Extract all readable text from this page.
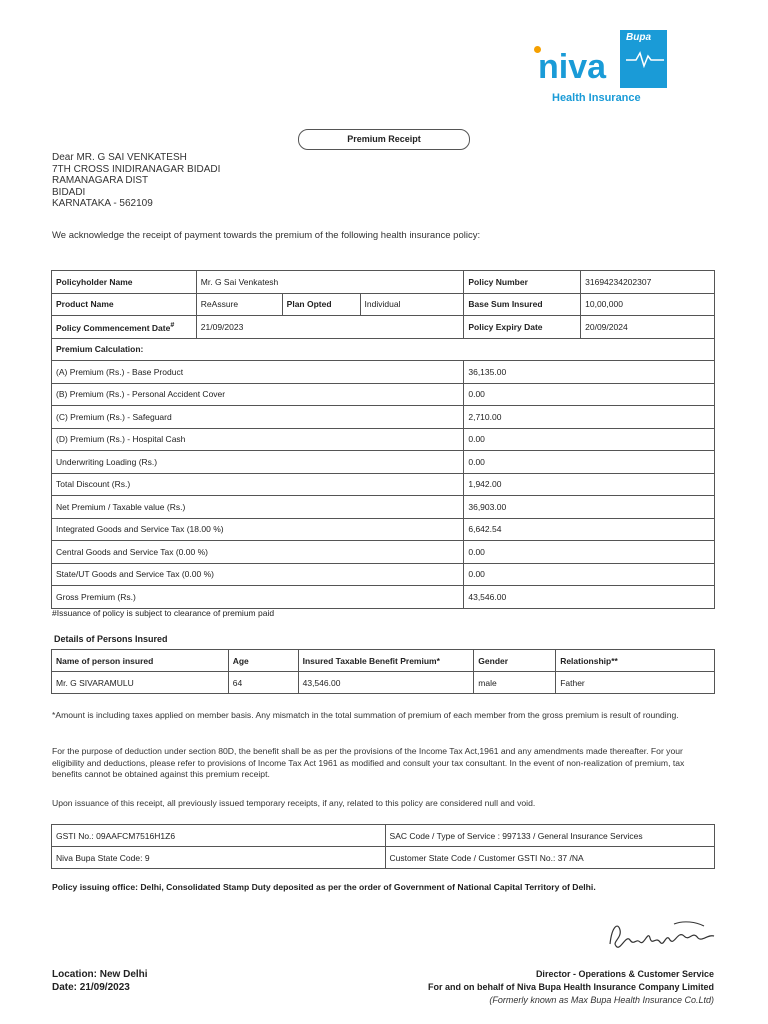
niva
Bupa
Health Insurance
Premium Receipt
Dear MR. G SAI VENKATESH
7TH CROSS INIDIRANAGAR BIDADI
RAMANAGARA DIST
BIDADI
KARNATAKA - 562109
We acknowledge the receipt of payment towards the premium of the following health insurance policy:
Policyholder Name	Mr. G Sai Venkatesh			Policy Number	31694234202307
Product Name	ReAssure	Plan Opted	Individual	Base Sum Insured	10,00,000
Policy Commencement Date#	21/09/2023			Policy Expiry Date	20/09/2024
Premium Calculation:					
(A) Premium (Rs.) - Base Product				36,135.00	
(B) Premium (Rs.) - Personal Accident Cover				0.00	
(C) Premium (Rs.) - Safeguard				2,710.00	
(D) Premium (Rs.) - Hospital Cash				0.00	
Underwriting Loading (Rs.)				0.00	
Total Discount (Rs.)				1,942.00	
Net Premium / Taxable value (Rs.)				36,903.00	
Integrated Goods and Service Tax (18.00 %)				6,642.54	
Central Goods and Service Tax (0.00 %)				0.00	
State/UT Goods and Service Tax (0.00 %)				0.00	
Gross Premium (Rs.)				43,546.00	
#Issuance of policy is subject to clearance of premium paid
Details of Persons Insured
Name of person insured	Age	Insured Taxable Benefit Premium*	Gender	Relationship**
Mr. G SIVARAMULU	64	43,546.00	male	Father
*Amount is including taxes applied on member basis. Any mismatch in the total summation of premium of each member from the gross premium is result of rounding.
For the purpose of deduction under section 80D, the benefit shall be as per the provisions of the Income Tax Act,1961 and any amendments made thereafter. For your eligibility and deductions, please refer to provisions of Income Tax Act 1961 as modified and consult your tax consultant. In the event of non-realization of premium, tax benefits cannot be obtained against this premium receipt.
Upon issuance of this receipt, all previously issued temporary receipts, if any, related to this policy are considered null and void.
GSTI No.: 09AAFCM7516H1Z6	SAC Code / Type of Service : 997133 / General Insurance Services
Niva Bupa State Code: 9	Customer State Code / Customer GSTI No.: 37 /NA
Policy issuing office: Delhi, Consolidated Stamp Duty deposited as per the order of Government of National Capital Territory of Delhi.
Location: New Delhi
Date: 21/09/2023
Director - Operations & Customer Service
For and on behalf of Niva Bupa Health Insurance Company Limited
(Formerly known as Max Bupa Health Insurance Co.Ltd)
